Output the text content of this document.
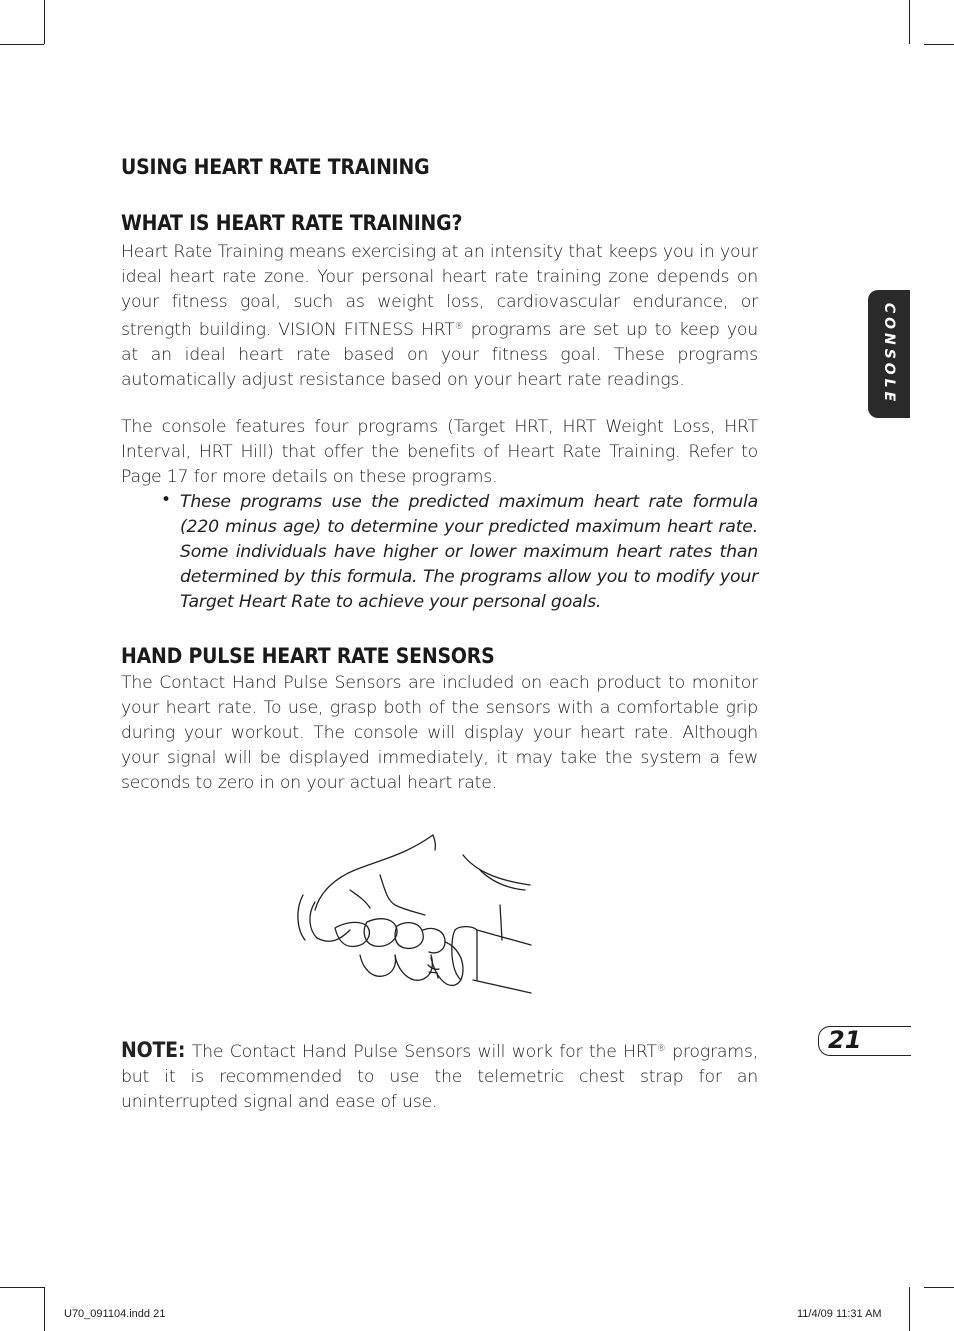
USING HEART RATE TRAINING
WHAT IS HEART RATE TRAINING?
Heart Rate Training means exercising at an intensity that keeps you in your ideal heart rate zone. Your personal heart rate training zone depends on your fitness goal, such as weight loss, cardiovascular endurance, or strength building. VISION FITNESS HRT® programs are set up to keep you at an ideal heart rate based on your fitness goal. These programs automatically adjust resistance based on your heart rate readings.
The console features four programs (Target HRT, HRT Weight Loss, HRT Interval, HRT Hill) that offer the benefits of Heart Rate Training. Refer to Page 17 for more details on these programs.
• These programs use the predicted maximum heart rate formula (220 minus age) to determine your predicted maximum heart rate. Some individuals have higher or lower maximum heart rates than determined by this formula. The programs allow you to modify your Target Heart Rate to achieve your personal goals.
HAND PULSE HEART RATE SENSORS
The Contact Hand Pulse Sensors are included on each product to monitor your heart rate. To use, grasp both of the sensors with a comfortable grip during your workout. The console will display your heart rate. Although your signal will be displayed immediately, it may take the system a few seconds to zero in on your actual heart rate.
NOTE: The Contact Hand Pulse Sensors will work for the HRT® programs, but it is recommended to use the telemetric chest strap for an uninterrupted signal and ease of use.
CONSOLE
21
U70_091104.indd 21	11/4/09 11:31 AM
